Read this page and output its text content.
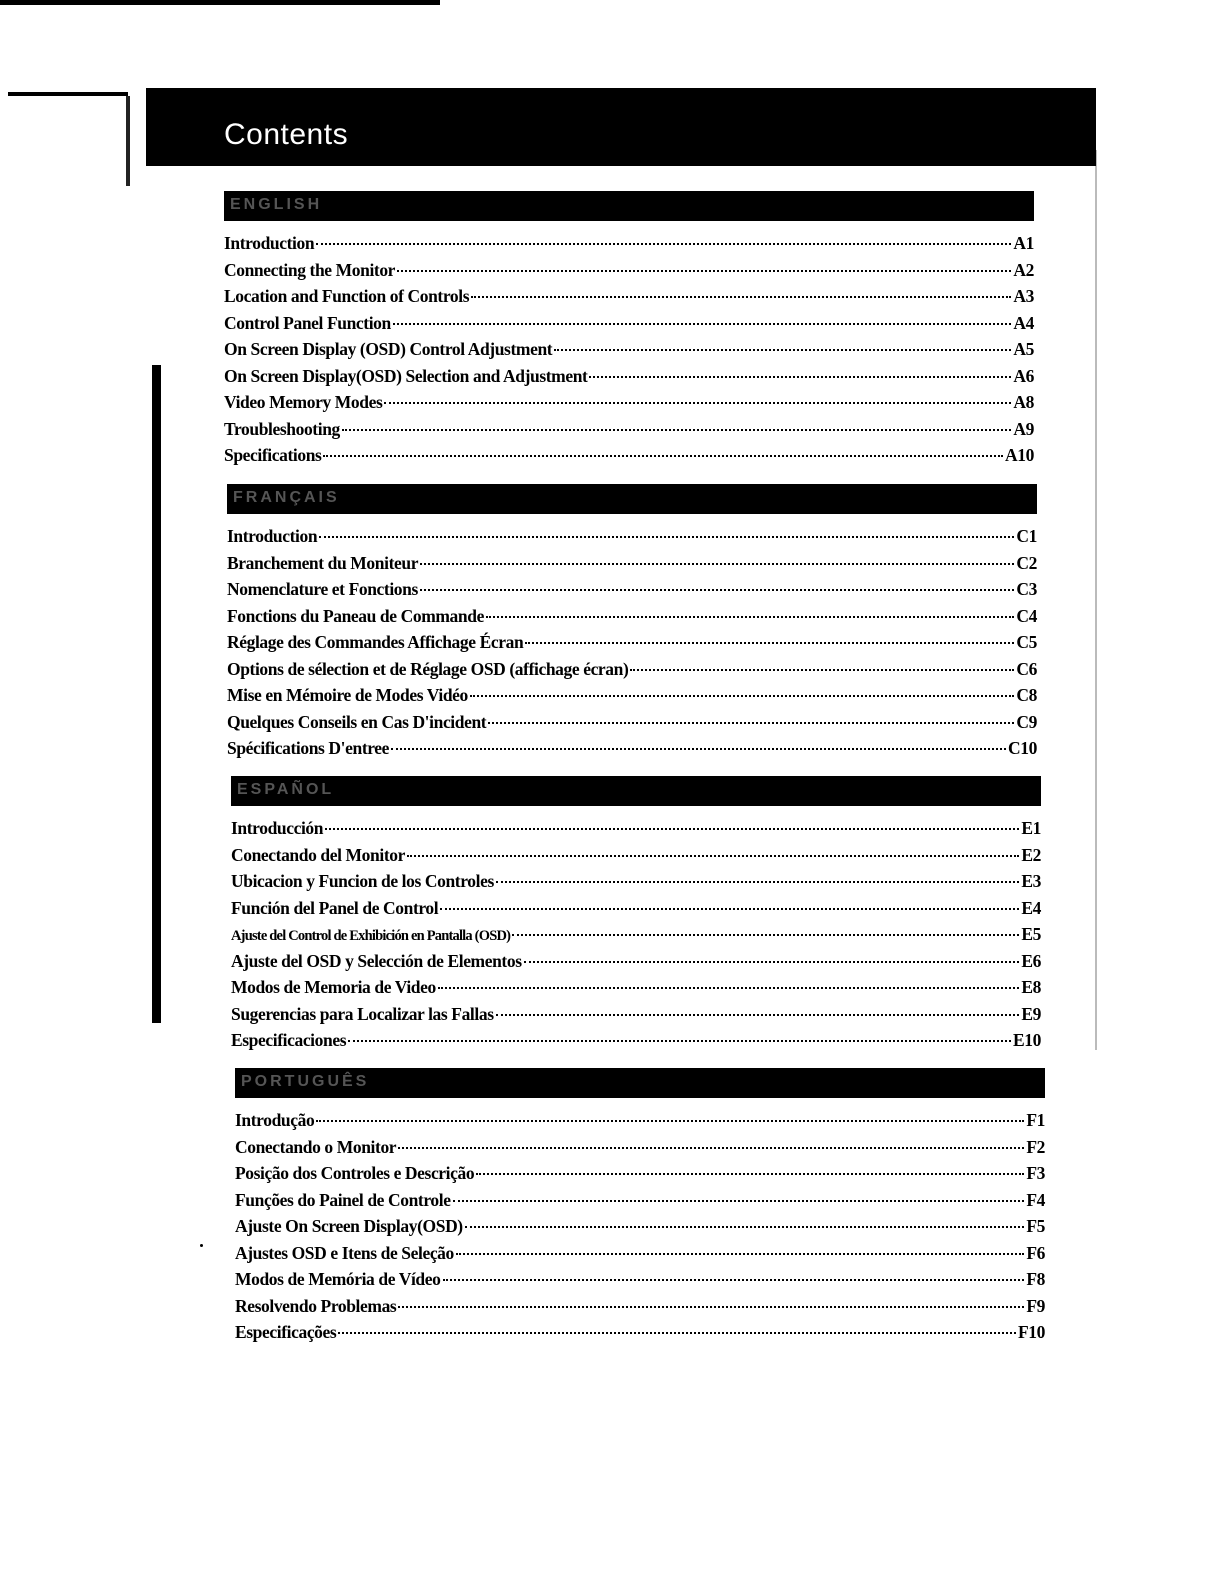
Contents
ENGLISH
Introduction	A1
Connecting the Monitor	A2
Location and Function of Controls	A3
Control Panel Function	A4
On Screen Display (OSD) Control Adjustment	A5
On Screen Display(OSD) Selection and Adjustment	A6
Video Memory Modes	A8
Troubleshooting	A9
Specifications	A10
FRANÇAIS
Introduction	C1
Branchement du Moniteur	C2
Nomenclature et Fonctions	C3
Fonctions du Paneau de Commande	C4
Réglage des Commandes Affichage Écran	C5
Options de sélection et de Réglage OSD (affichage écran)	C6
Mise en Mémoire de Modes Vidéo	C8
Quelques Conseils en Cas D'incident	C9
Spécifications D'entree	C10
ESPAÑOL
Introducción	E1
Conectando del Monitor	E2
Ubicacion y Funcion de los Controles	E3
Función del Panel de Control	E4
Ajuste del Control de Exhibición en Pantalla (OSD)	E5
Ajuste del OSD y Selección de Elementos	E6
Modos de Memoria de Video	E8
Sugerencias para Localizar las Fallas	E9
Especificaciones	E10
PORTUGUÊS
Introdução	F1
Conectando o Monitor	F2
Posição dos Controles e Descrição	F3
Funções do Painel de Controle	F4
Ajuste On Screen Display(OSD)	F5
Ajustes OSD e Itens de Seleção	F6
Modos de Memória de Vídeo	F8
Resolvendo Problemas	F9
Especificações	F10
